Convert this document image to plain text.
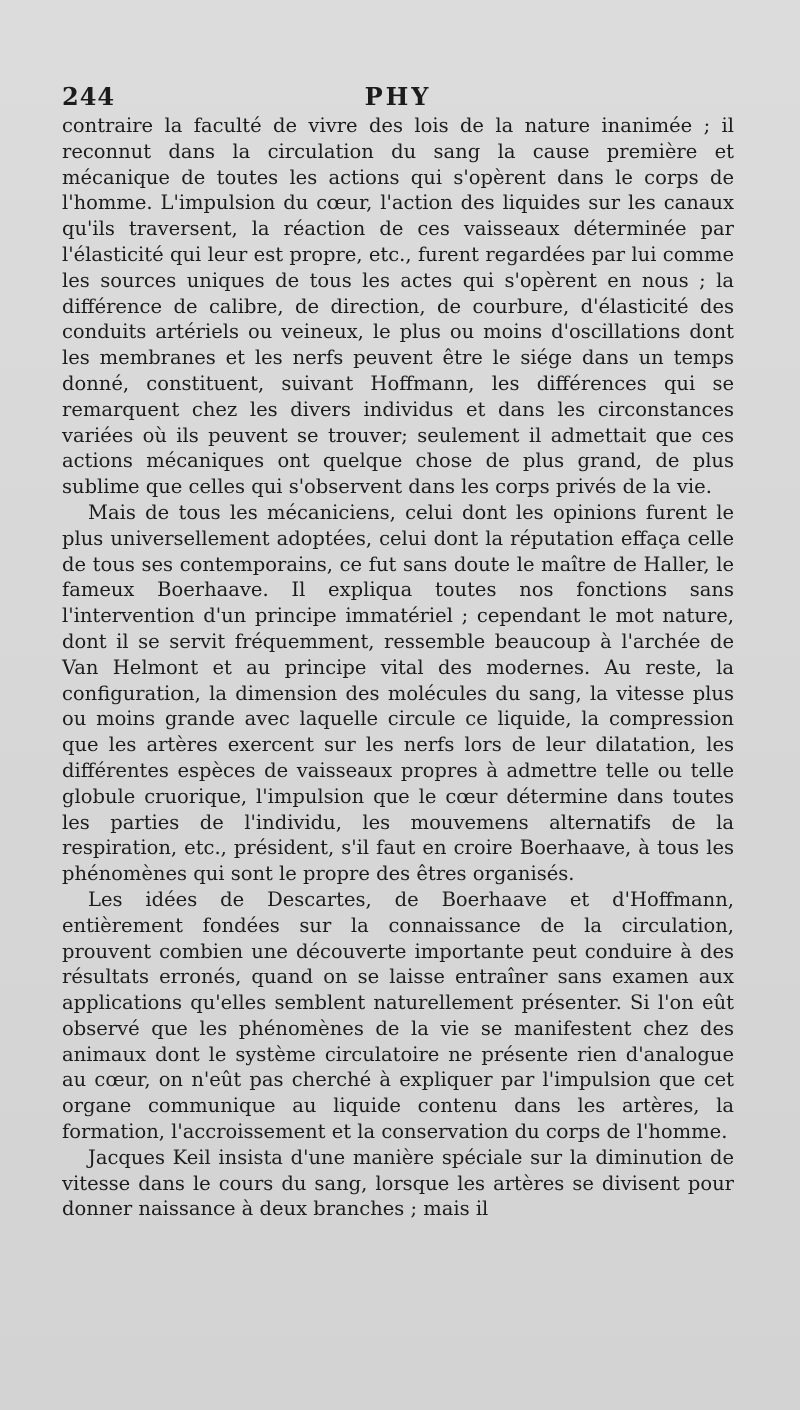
244	PHY

contraire la faculté de vivre des lois de la nature inanimée ; il reconnut dans la circulation du sang la cause première et mécanique de toutes les actions qui s'opèrent dans le corps de l'homme. L'impulsion du cœur, l'action des liquides sur les canaux qu'ils traversent, la réaction de ces vaisseaux déterminée par l'élasticité qui leur est propre, etc., furent regardées par lui comme les sources uniques de tous les actes qui s'opèrent en nous ; la différence de calibre, de direction, de courbure, d'élasticité des conduits artériels ou veineux, le plus ou moins d'oscillations dont les membranes et les nerfs peuvent être le siége dans un temps donné, constituent, suivant Hoffmann, les différences qui se remarquent chez les divers individus et dans les circonstances variées où ils peuvent se trouver; seulement il admettait que ces actions mécaniques ont quelque chose de plus grand, de plus sublime que celles qui s'observent dans les corps privés de la vie.

Mais de tous les mécaniciens, celui dont les opinions furent le plus universellement adoptées, celui dont la réputation effaça celle de tous ses contemporains, ce fut sans doute le maître de Haller, le fameux Boerhaave. Il expliqua toutes nos fonctions sans l'intervention d'un principe immatériel ; cependant le mot nature, dont il se servit fréquemment, ressemble beaucoup à l'archée de Van Helmont et au principe vital des modernes. Au reste, la configuration, la dimension des molécules du sang, la vitesse plus ou moins grande avec laquelle circule ce liquide, la compression que les artères exercent sur les nerfs lors de leur dilatation, les différentes espèces de vaisseaux propres à admettre telle ou telle globule cruorique, l'impulsion que le cœur détermine dans toutes les parties de l'individu, les mouvemens alternatifs de la respiration, etc., président, s'il faut en croire Boerhaave, à tous les phénomènes qui sont le propre des êtres organisés.

Les idées de Descartes, de Boerhaave et d'Hoffmann, entièrement fondées sur la connaissance de la circulation, prouvent combien une découverte importante peut conduire à des résultats erronés, quand on se laisse entraîner sans examen aux applications qu'elles semblent naturellement présenter. Si l'on eût observé que les phénomènes de la vie se manifestent chez des animaux dont le système circulatoire ne présente rien d'analogue au cœur, on n'eût pas cherché à expliquer par l'impulsion que cet organe communique au liquide contenu dans les artères, la formation, l'accroissement et la conservation du corps de l'homme.

Jacques Keil insista d'une manière spéciale sur la diminution de vitesse dans le cours du sang, lorsque les artères se divisent pour donner naissance à deux branches ; mais il
